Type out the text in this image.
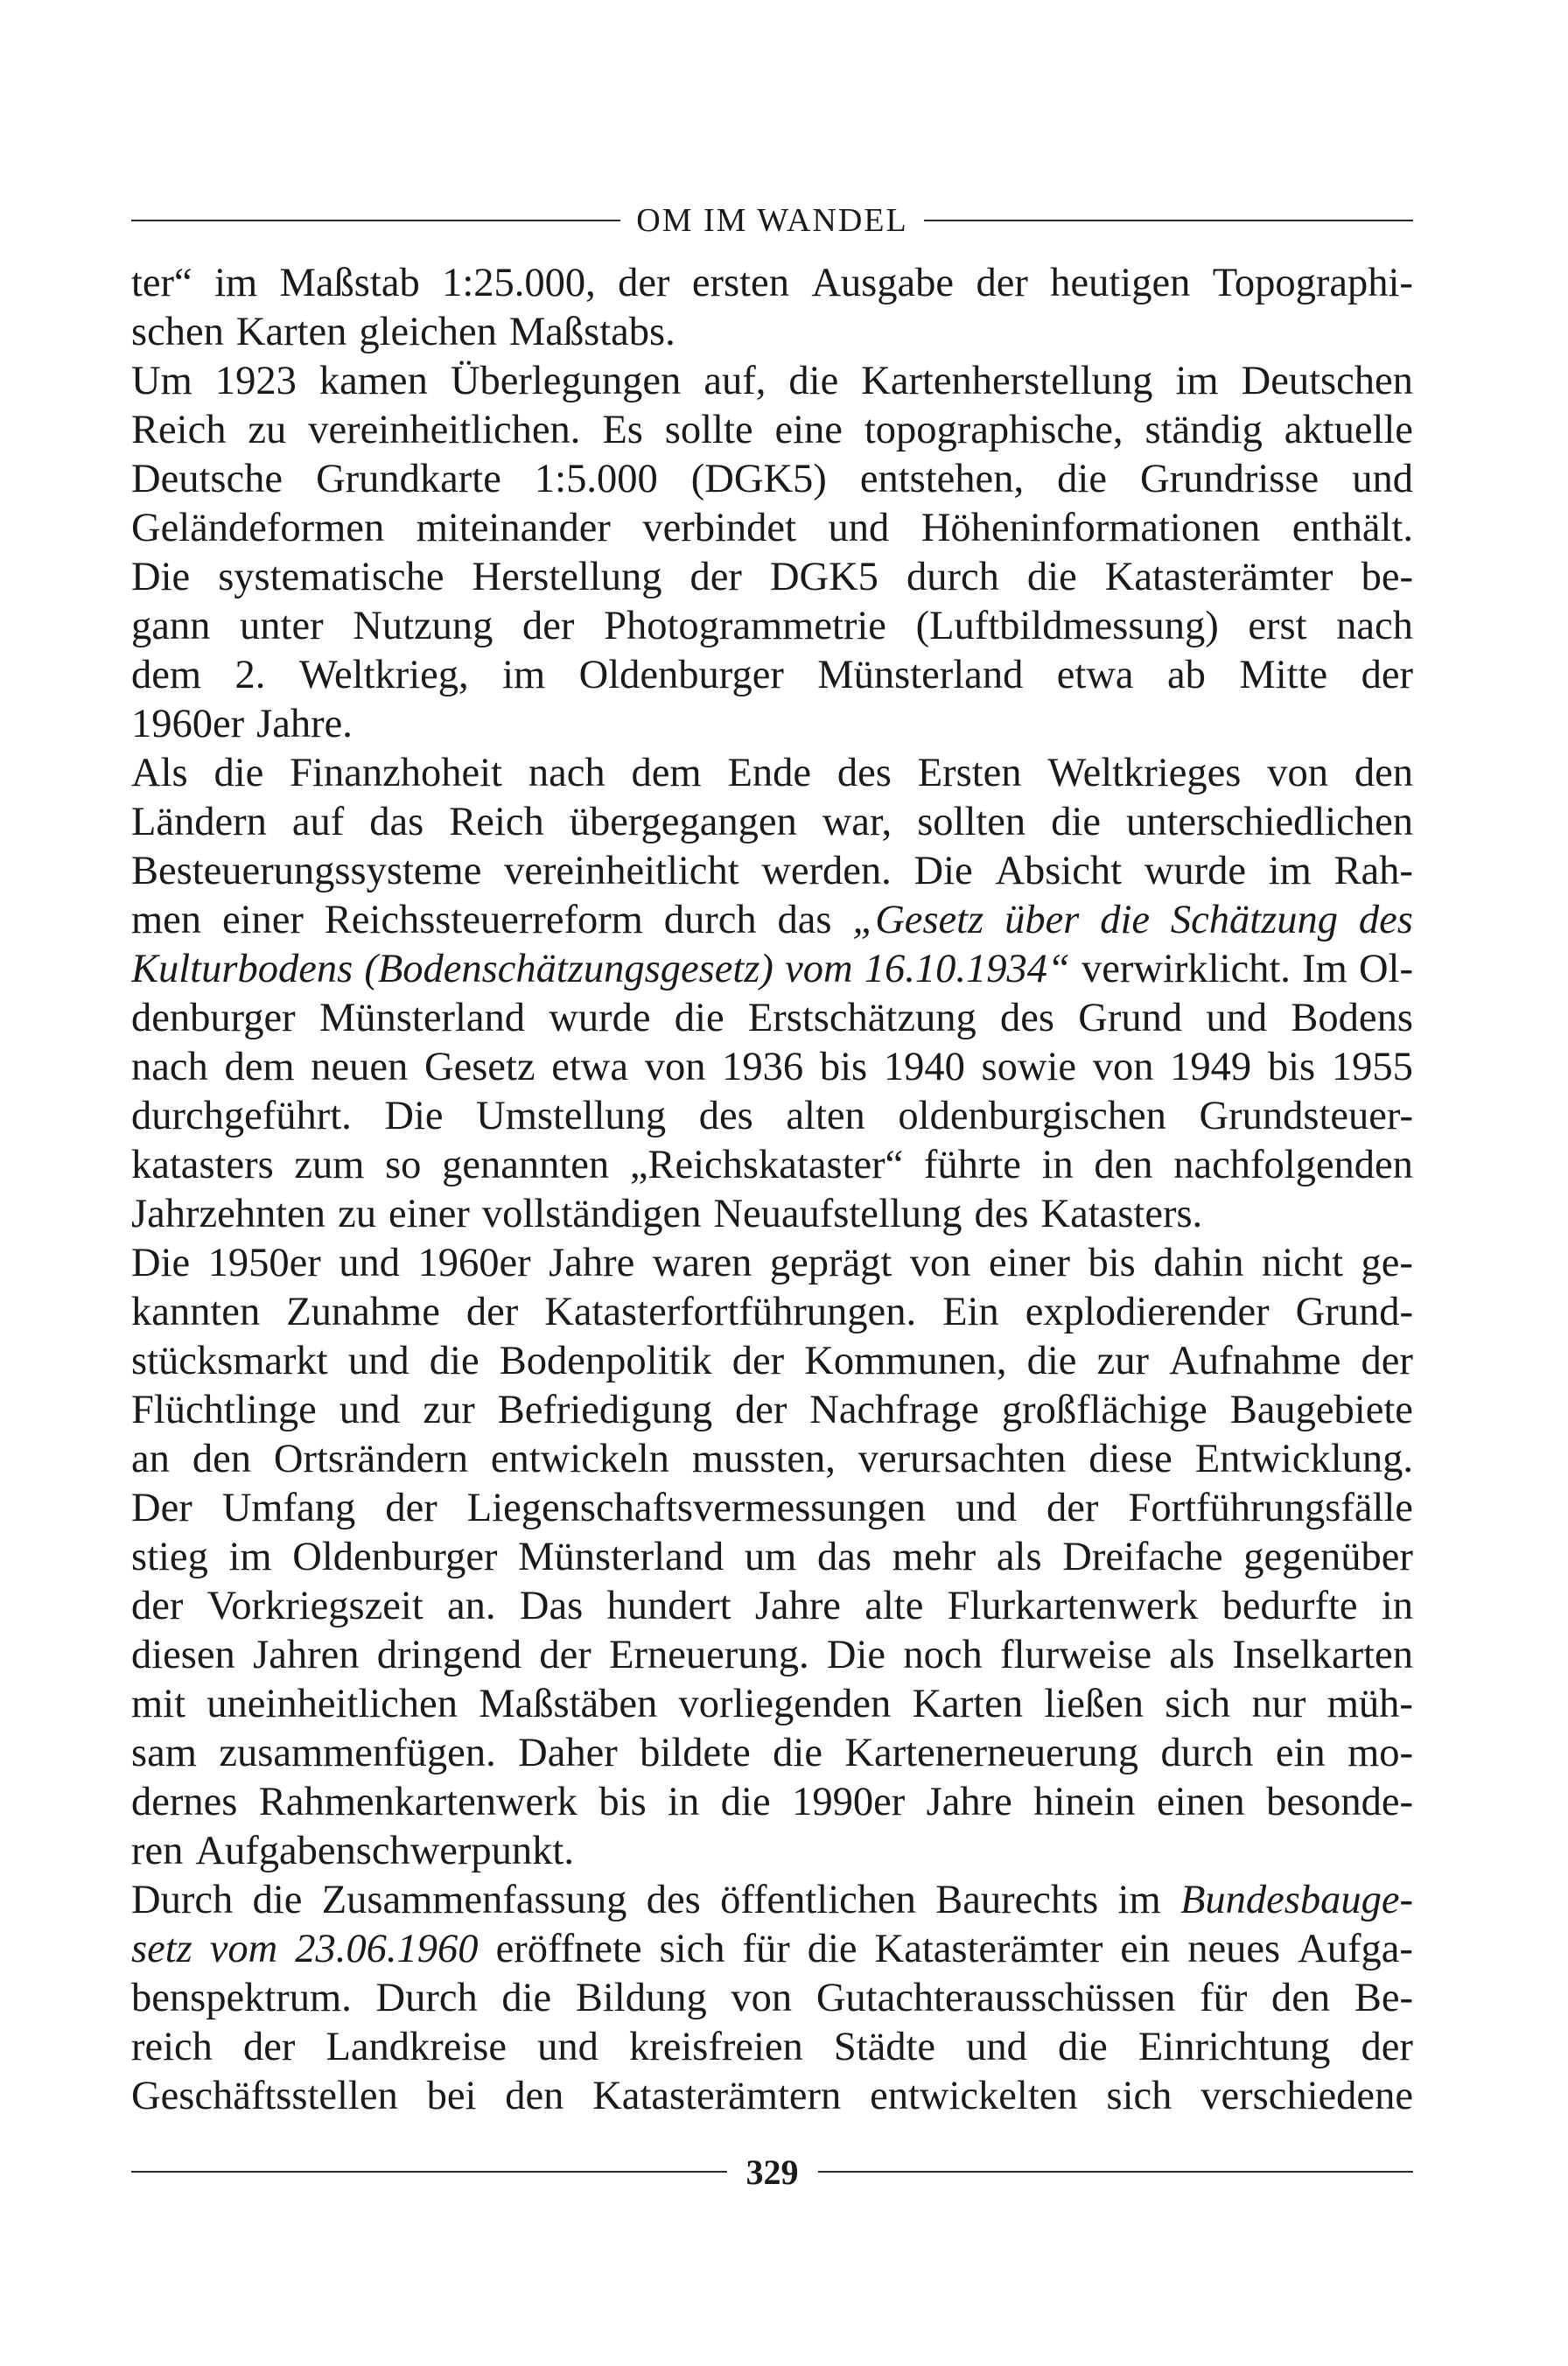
OM IM WANDEL
ter“ im Maßstab 1:25.000, der ersten Ausgabe der heutigen Topographi-
schen Karten gleichen Maßstabs.
Um 1923 kamen Überlegungen auf, die Kartenherstellung im Deutschen
Reich zu vereinheitlichen. Es sollte eine topographische, ständig aktuelle
Deutsche Grundkarte 1:5.000 (DGK5) entstehen, die Grundrisse und
Geländeformen miteinander verbindet und Höheninformationen enthält.
Die systematische Herstellung der DGK5 durch die Katasterämter be-
gann unter Nutzung der Photogrammetrie (Luftbildmessung) erst nach
dem 2. Weltkrieg, im Oldenburger Münsterland etwa ab Mitte der
1960er Jahre.
Als die Finanzhoheit nach dem Ende des Ersten Weltkrieges von den
Ländern auf das Reich übergegangen war, sollten die unterschiedlichen
Besteuerungssysteme vereinheitlicht werden. Die Absicht wurde im Rah-
men einer Reichssteuerreform durch das „Gesetz über die Schätzung des
Kulturbodens (Bodenschätzungsgesetz) vom 16.10.1934“ verwirklicht. Im Ol-
denburger Münsterland wurde die Erstschätzung des Grund und Bodens
nach dem neuen Gesetz etwa von 1936 bis 1940 sowie von 1949 bis 1955
durchgeführt. Die Umstellung des alten oldenburgischen Grundsteuer-
katasters zum so genannten „Reichskataster“ führte in den nachfolgenden
Jahrzehnten zu einer vollständigen Neuaufstellung des Katasters.
Die 1950er und 1960er Jahre waren geprägt von einer bis dahin nicht ge-
kannten Zunahme der Katasterfortführungen. Ein explodierender Grund-
stücksmarkt und die Bodenpolitik der Kommunen, die zur Aufnahme der
Flüchtlinge und zur Befriedigung der Nachfrage großflächige Baugebiete
an den Ortsrändern entwickeln mussten, verursachten diese Entwicklung.
Der Umfang der Liegenschaftsvermessungen und der Fortführungsfälle
stieg im Oldenburger Münsterland um das mehr als Dreifache gegenüber
der Vorkriegszeit an. Das hundert Jahre alte Flurkartenwerk bedurfte in
diesen Jahren dringend der Erneuerung. Die noch flurweise als Inselkarten
mit uneinheitlichen Maßstäben vorliegenden Karten ließen sich nur müh-
sam zusammenfügen. Daher bildete die Kartenerneuerung durch ein mo-
dernes Rahmenkartenwerk bis in die 1990er Jahre hinein einen besonde-
ren Aufgabenschwerpunkt.
Durch die Zusammenfassung des öffentlichen Baurechts im Bundesbauge-
setz vom 23.06.1960 eröffnete sich für die Katasterämter ein neues Aufga-
benspektrum. Durch die Bildung von Gutachterausschüssen für den Be-
reich der Landkreise und kreisfreien Städte und die Einrichtung der
Geschäftsstellen bei den Katasterämtern entwickelten sich verschiedene
329
